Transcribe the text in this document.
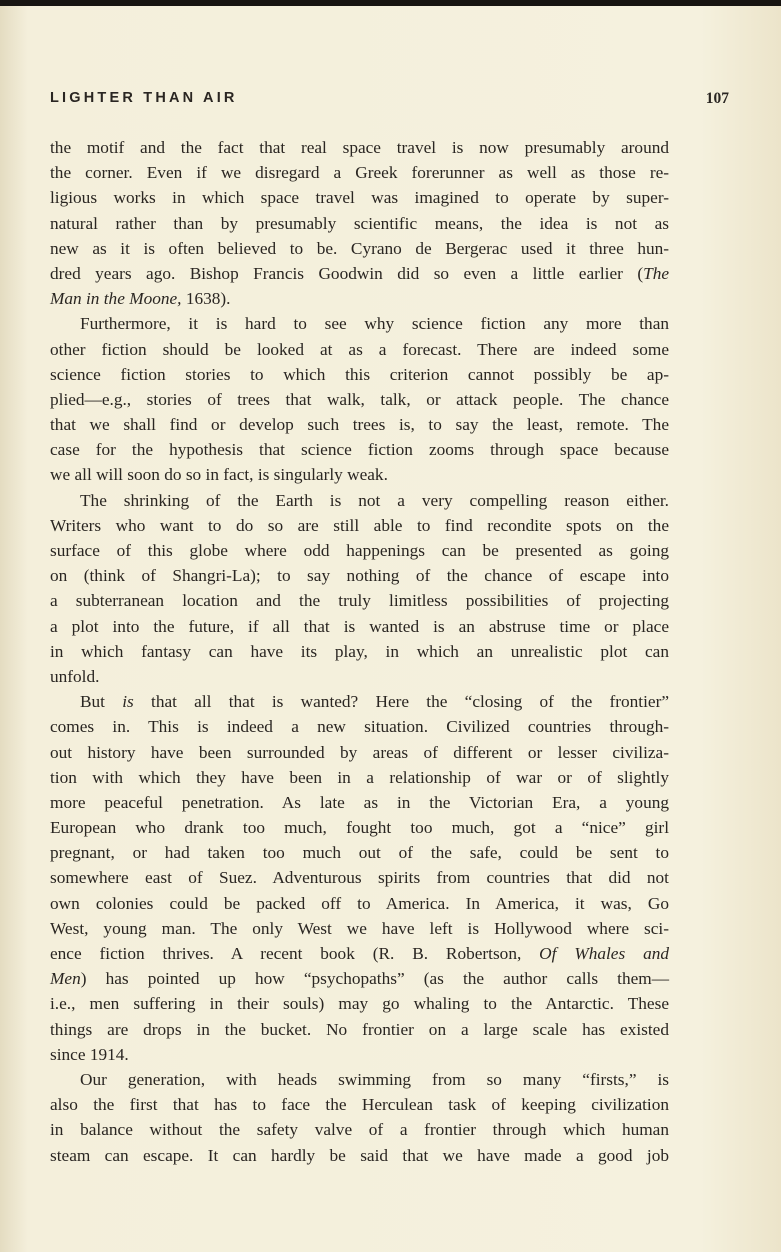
LIGHTER THAN AIR	107
the motif and the fact that real space travel is now presumably around
the corner. Even if we disregard a Greek forerunner as well as those re-
ligious works in which space travel was imagined to operate by super-
natural rather than by presumably scientific means, the idea is not as
new as it is often believed to be. Cyrano de Bergerac used it three hun-
dred years ago. Bishop Francis Goodwin did so even a little earlier (The
Man in the Moone, 1638).
Furthermore, it is hard to see why science fiction any more than
other fiction should be looked at as a forecast. There are indeed some
science fiction stories to which this criterion cannot possibly be ap-
plied—e.g., stories of trees that walk, talk, or attack people. The chance
that we shall find or develop such trees is, to say the least, remote. The
case for the hypothesis that science fiction zooms through space because
we all will soon do so in fact, is singularly weak.
The shrinking of the Earth is not a very compelling reason either.
Writers who want to do so are still able to find recondite spots on the
surface of this globe where odd happenings can be presented as going
on (think of Shangri-La); to say nothing of the chance of escape into
a subterranean location and the truly limitless possibilities of projecting
a plot into the future, if all that is wanted is an abstruse time or place
in which fantasy can have its play, in which an unrealistic plot can
unfold.
But is that all that is wanted? Here the “closing of the frontier”
comes in. This is indeed a new situation. Civilized countries through-
out history have been surrounded by areas of different or lesser civiliza-
tion with which they have been in a relationship of war or of slightly
more peaceful penetration. As late as in the Victorian Era, a young
European who drank too much, fought too much, got a “nice” girl
pregnant, or had taken too much out of the safe, could be sent to
somewhere east of Suez. Adventurous spirits from countries that did not
own colonies could be packed off to America. In America, it was, Go
West, young man. The only West we have left is Hollywood where sci-
ence fiction thrives. A recent book (R. B. Robertson, Of Whales and
Men) has pointed up how “psychopaths” (as the author calls them—
i.e., men suffering in their souls) may go whaling to the Antarctic. These
things are drops in the bucket. No frontier on a large scale has existed
since 1914.
Our generation, with heads swimming from so many “firsts,” is
also the first that has to face the Herculean task of keeping civilization
in balance without the safety valve of a frontier through which human
steam can escape. It can hardly be said that we have made a good job
